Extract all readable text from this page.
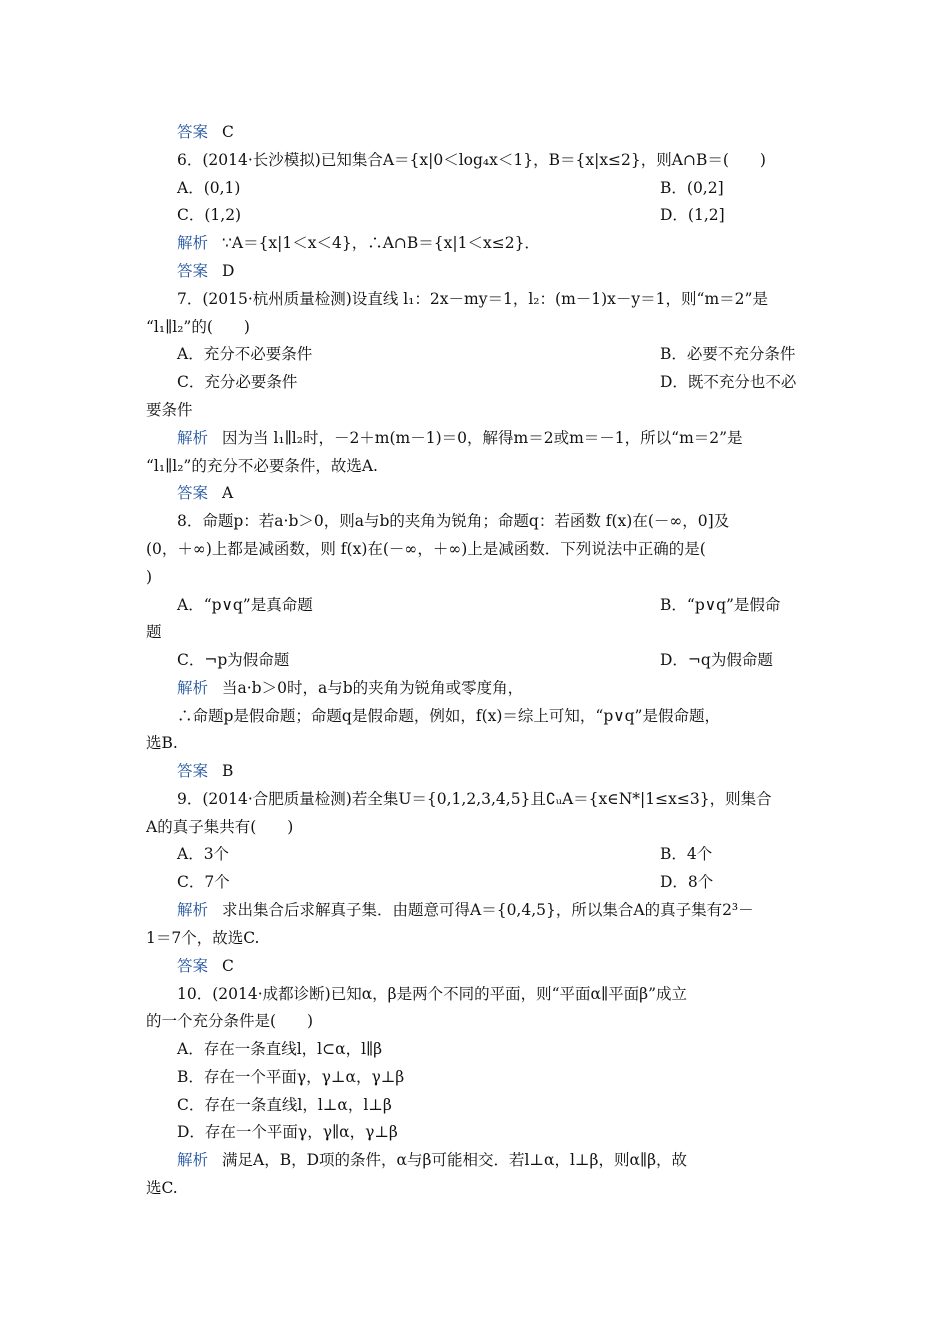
答案 C
6．(2014·长沙模拟)已知集合A＝{x|0＜log₄x＜1}，B＝{x|x≤2}，则A∩B＝(　　)
A．(0,1)	B．(0,2]
C．(1,2)	D．(1,2]
解析 ∵A＝{x|1＜x＜4}，∴A∩B＝{x|1＜x≤2}．
答案 D
7．(2015·杭州质量检测)设直线 l₁：2x－my＝1，l₂：(m－1)x－y＝1，则“m＝2”是
“l₁∥l₂”的(　　)
A．充分不必要条件	B．必要不充分条件
C．充分必要条件	D．既不充分也不必
要条件
解析 因为当 l₁∥l₂时，－2＋m(m－1)＝0，解得m＝2或m＝－1，所以“m＝2”是
“l₁∥l₂”的充分不必要条件，故选A.
答案 A
8．命题p：若a·b＞0，则a与b的夹角为锐角；命题q：若函数 f(x)在(－∞，0]及
(0，＋∞)上都是减函数，则 f(x)在(－∞，＋∞)上是减函数．下列说法中正确的是(
)
A．“p∨q”是真命题	B．“p∨q”是假命
题
C．¬p为假命题	D．¬q为假命题
解析 当a·b＞0时，a与b的夹角为锐角或零度角，
∴命题p是假命题；命题q是假命题，例如，f(x)＝综上可知，“p∨q”是假命题，
选B.
答案 B
9．(2014·合肥质量检测)若全集U＝{0,1,2,3,4,5}且∁ᵤA＝{x∈N*|1≤x≤3}，则集合
A的真子集共有(　　)
A．3个	B．4个
C．7个	D．8个
解析 求出集合后求解真子集．由题意可得A＝{0,4,5}，所以集合A的真子集有2³－
1＝7个，故选C.
答案 C
10．(2014·成都诊断)已知α，β是两个不同的平面，则“平面α∥平面β”成立
的一个充分条件是(　　)
A．存在一条直线l，l⊂α，l∥β
B．存在一个平面γ，γ⊥α，γ⊥β
C．存在一条直线l，l⊥α，l⊥β
D．存在一个平面γ，γ∥α，γ⊥β
解析 满足A，B，D项的条件，α与β可能相交．若l⊥α，l⊥β，则α∥β，故
选C.
